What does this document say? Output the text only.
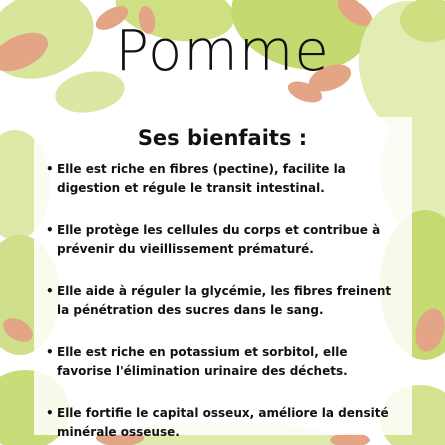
Pomme
Ses bienfaits :
• Elle est riche en fibres (pectine), facilite la digestion et régule le transit intestinal.
• Elle protège les cellules du corps et contribue à prévenir du vieillissement prématuré.
• Elle aide à réguler la glycémie, les fibres freinent la pénétration des sucres dans le sang.
• Elle est riche en potassium et sorbitol, elle favorise l'élimination urinaire des déchets.
• Elle fortifie le capital osseux, améliore la densité minérale osseuse.
